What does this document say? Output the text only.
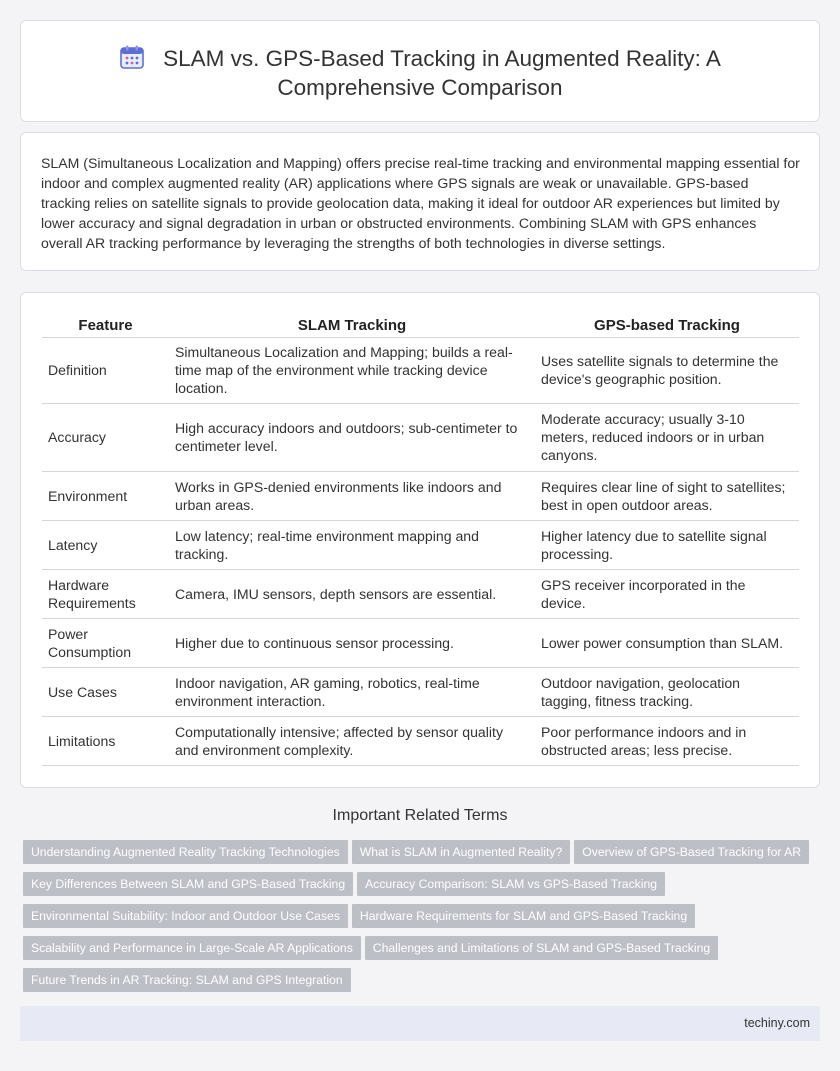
SLAM vs. GPS-Based Tracking in Augmented Reality: A
Comprehensive Comparison

SLAM (Simultaneous Localization and Mapping) offers precise real-time tracking and environmental mapping essential for indoor and complex augmented reality (AR) applications where GPS signals are weak or unavailable. GPS-based tracking relies on satellite signals to provide geolocation data, making it ideal for outdoor AR experiences but limited by lower accuracy and signal degradation in urban or obstructed environments. Combining SLAM with GPS enhances overall AR tracking performance by leveraging the strengths of both technologies in diverse settings.

Feature	SLAM Tracking	GPS-based Tracking
Definition	Simultaneous Localization and Mapping; builds a real-time map of the environment while tracking device location.	Uses satellite signals to determine the device's geographic position.
Accuracy	High accuracy indoors and outdoors; sub-centimeter to centimeter level.	Moderate accuracy; usually 3-10 meters, reduced indoors or in urban canyons.
Environment	Works in GPS-denied environments like indoors and urban areas.	Requires clear line of sight to satellites; best in open outdoor areas.
Latency	Low latency; real-time environment mapping and tracking.	Higher latency due to satellite signal processing.
Hardware Requirements	Camera, IMU sensors, depth sensors are essential.	GPS receiver incorporated in the device.
Power Consumption	Higher due to continuous sensor processing.	Lower power consumption than SLAM.
Use Cases	Indoor navigation, AR gaming, robotics, real-time environment interaction.	Outdoor navigation, geolocation tagging, fitness tracking.
Limitations	Computationally intensive; affected by sensor quality and environment complexity.	Poor performance indoors and in obstructed areas; less precise.
Important Related Terms
Understanding Augmented Reality Tracking Technologies What is SLAM in Augmented Reality? Overview of GPS-Based Tracking for AR
Key Differences Between SLAM and GPS-Based Tracking Accuracy Comparison: SLAM vs GPS-Based Tracking
Environmental Suitability: Indoor and Outdoor Use Cases Hardware Requirements for SLAM and GPS-Based Tracking
Scalability and Performance in Large-Scale AR Applications Challenges and Limitations of SLAM and GPS-Based Tracking
Future Trends in AR Tracking: SLAM and GPS Integration
techiny.com
